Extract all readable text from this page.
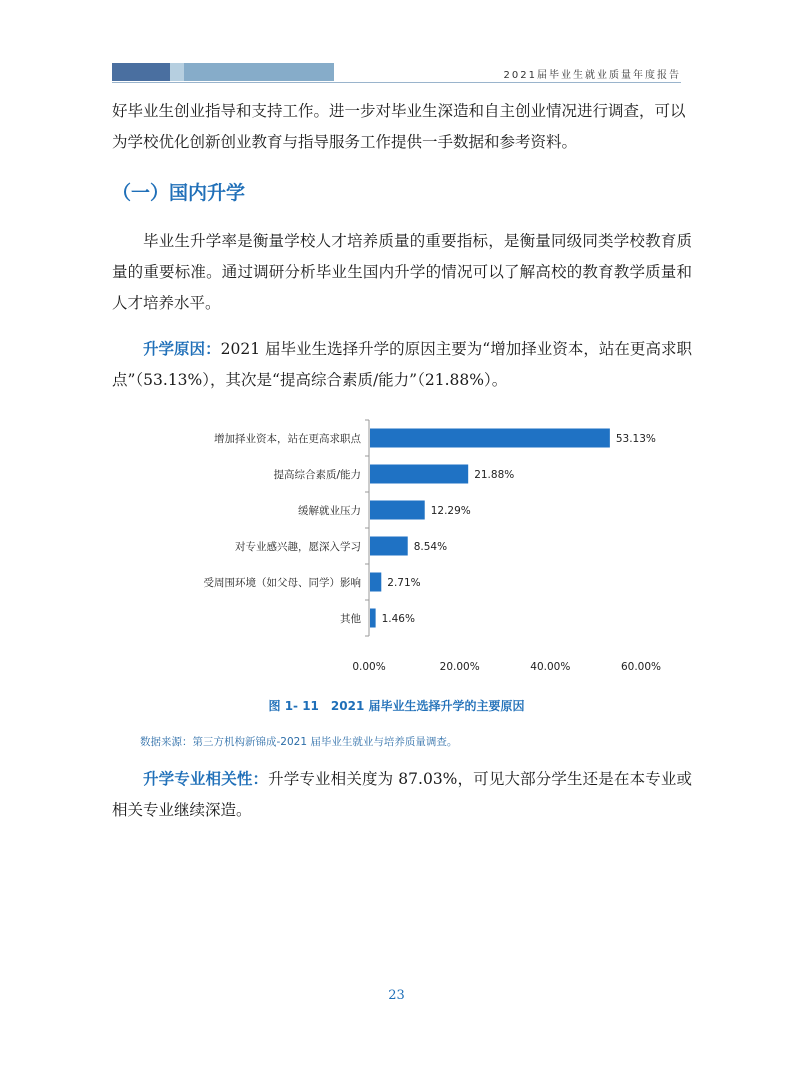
2021届毕业生就业质量年度报告

好毕业生创业指导和支持工作。进一步对毕业生深造和自主创业情况进行调查，可以
为学校优化创新创业教育与指导服务工作提供一手数据和参考资料。

（一）国内升学

毕业生升学率是衡量学校人才培养质量的重要指标，是衡量同级同类学校教育质量的重要标准。通过调研分析毕业生国内升学的情况可以了解高校的教育教学质量和人才培养水平。

升学原因：2021 届毕业生选择升学的原因主要为“增加择业资本，站在更高求职点”（53.13%），其次是“提高综合素质/能力”（21.88%）。

增加择业资本，站在更高求职点	53.13%
提高综合素质/能力	21.88%
缓解就业压力	12.29%
对专业感兴趣，愿深入学习	8.54%
受周围环境（如父母、同学）影响	2.71%
其他 1.46%
0.00%	20.00%	40.00%	60.00%
图 1- 11　2021 届毕业生选择升学的主要原因
数据来源：第三方机构新锦成-2021 届毕业生就业与培养质量调查。

升学专业相关性：升学专业相关度为 87.03%，可见大部分学生还是在本专业或相关专业继续深造。

23
